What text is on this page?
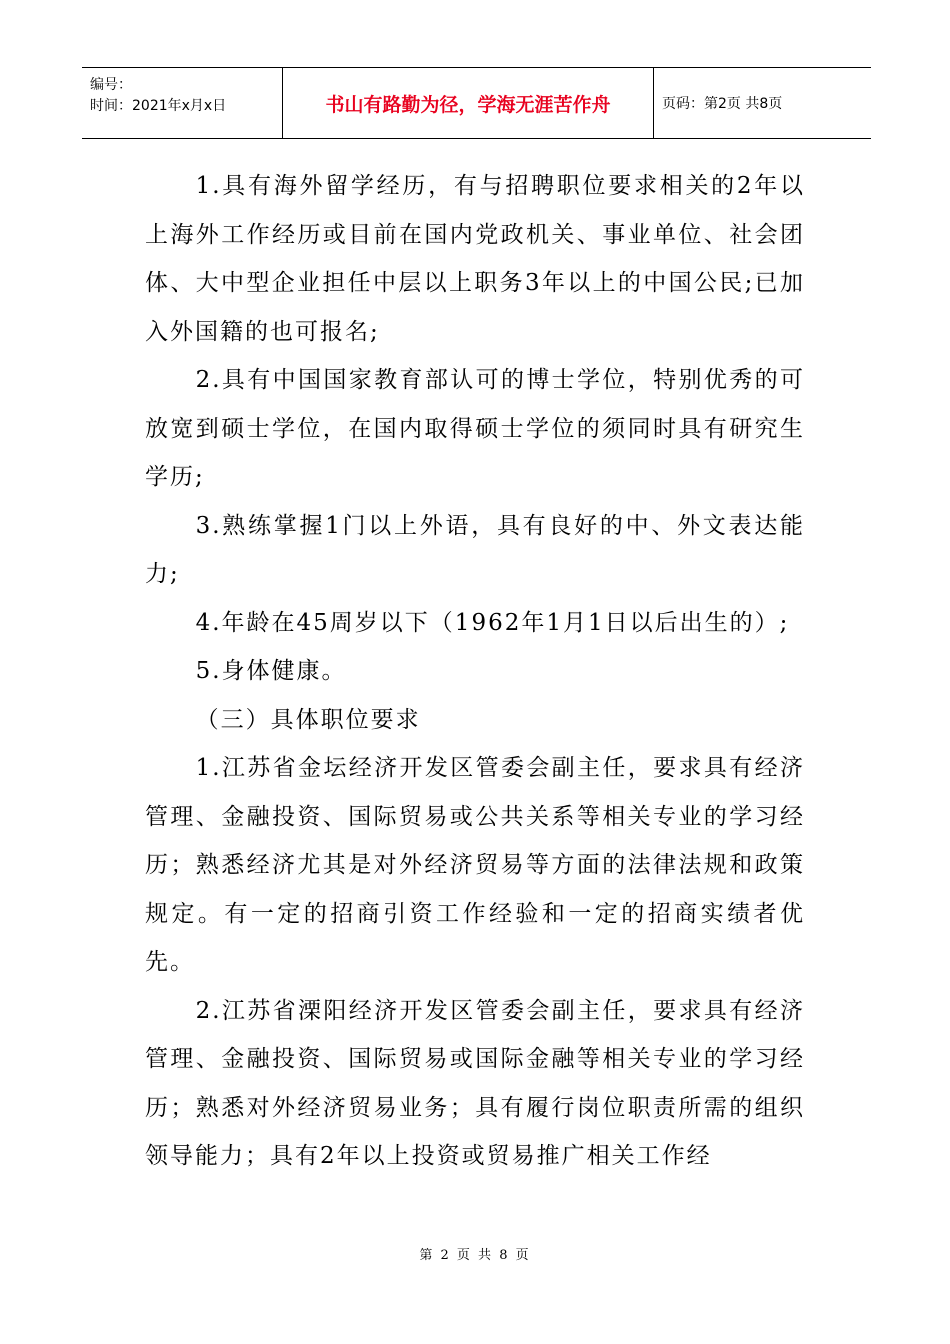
编号：
时间：2021年x月x日	书山有路勤为径，学海无涯苦作舟	页码：第2页 共8页

1.具有海外留学经历，有与招聘职位要求相关的2年以上海外工作经历或目前在国内党政机关、事业单位、社会团体、大中型企业担任中层以上职务3年以上的中国公民;已加入外国籍的也可报名;

2.具有中国国家教育部认可的博士学位，特别优秀的可放宽到硕士学位，在国内取得硕士学位的须同时具有研究生学历;

3.熟练掌握1门以上外语，具有良好的中、外文表达能力;

4.年龄在45周岁以下（1962年1月1日以后出生的）;

5.身体健康。

（三）具体职位要求

1.江苏省金坛经济开发区管委会副主任，要求具有经济管理、金融投资、国际贸易或公共关系等相关专业的学习经历；熟悉经济尤其是对外经济贸易等方面的法律法规和政策规定。有一定的招商引资工作经验和一定的招商实绩者优先。

2.江苏省溧阳经济开发区管委会副主任，要求具有经济管理、金融投资、国际贸易或国际金融等相关专业的学习经历；熟悉对外经济贸易业务；具有履行岗位职责所需的组织领导能力；具有2年以上投资或贸易推广相关工作经

第 2 页 共 8 页
